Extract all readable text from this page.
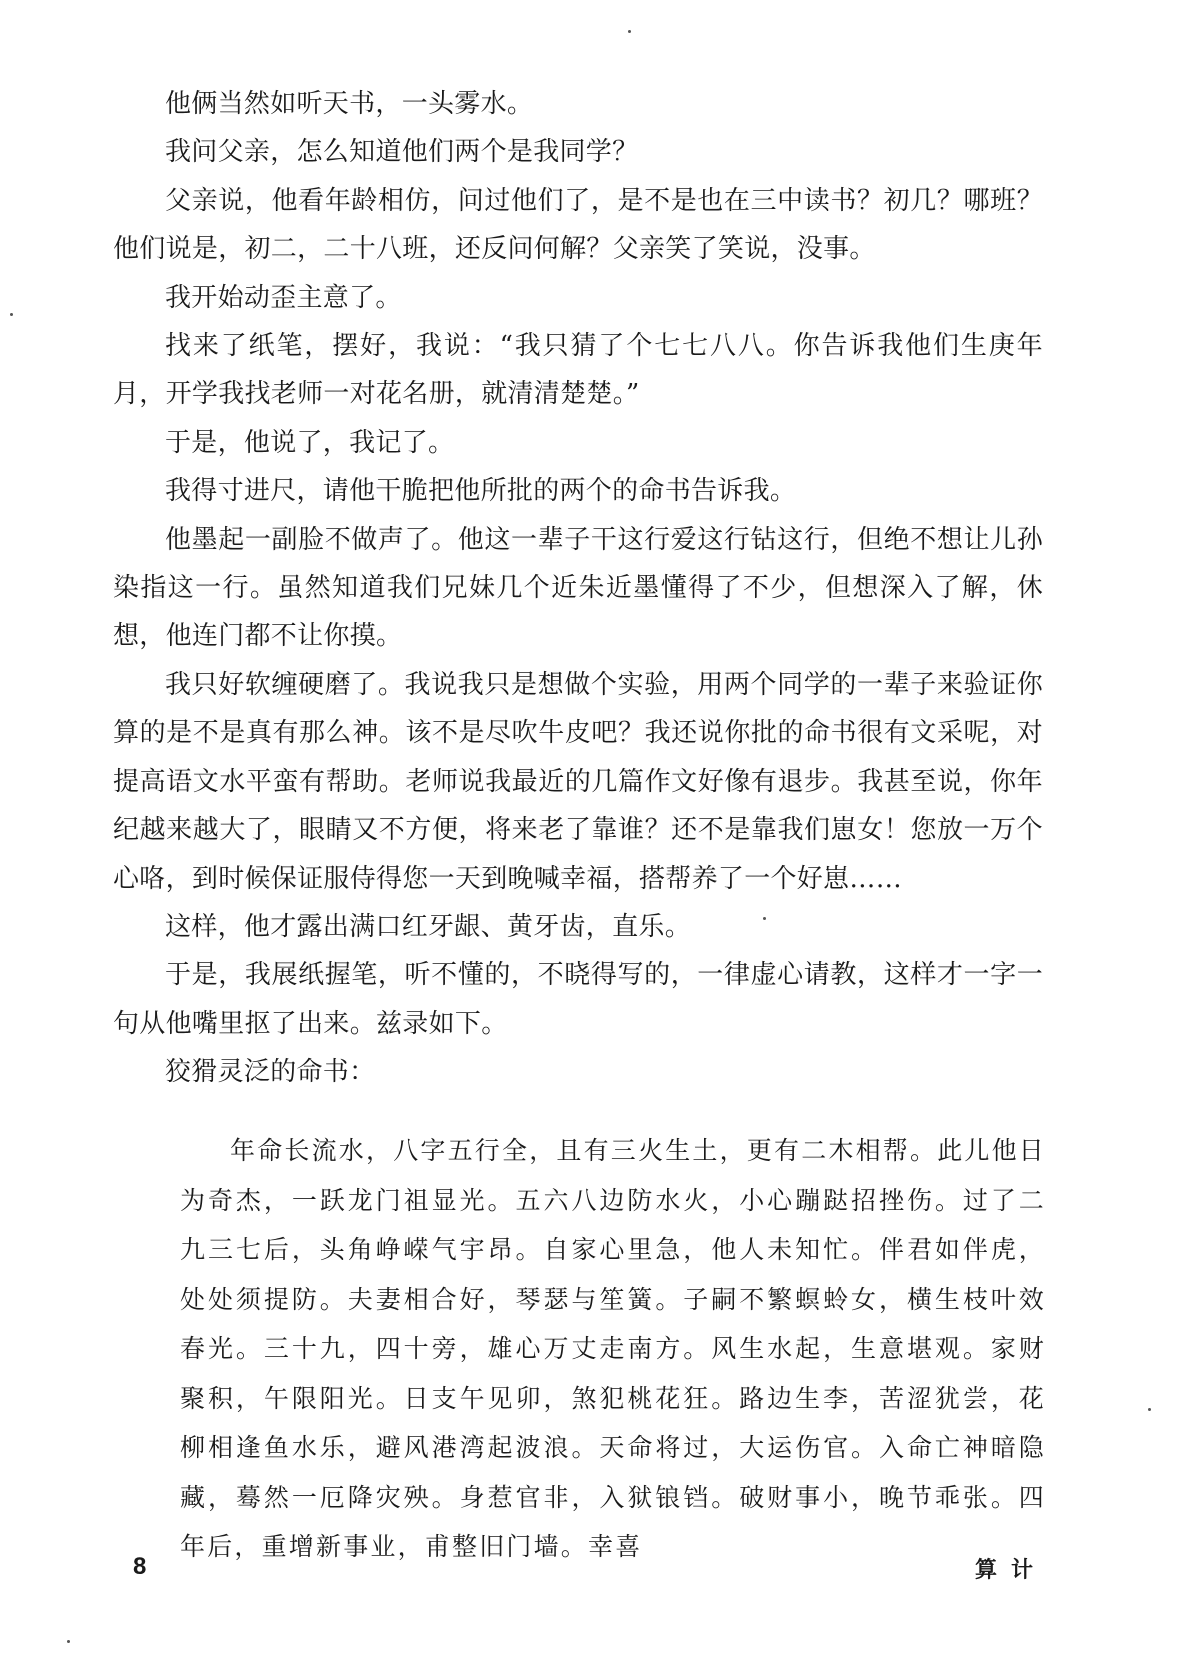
他俩当然如听天书，一头雾水。

我问父亲，怎么知道他们两个是我同学？

父亲说，他看年龄相仿，问过他们了，是不是也在三中读书？初几？哪班？他们说是，初二，二十八班，还反问何解？父亲笑了笑说，没事。

我开始动歪主意了。

找来了纸笔，摆好，我说：“我只猜了个七七八八。你告诉我他们生庚年月，开学我找老师一对花名册，就清清楚楚。”

于是，他说了，我记了。

我得寸进尺，请他干脆把他所批的两个的命书告诉我。

他墨起一副脸不做声了。他这一辈子干这行爱这行钻这行，但绝不想让儿孙染指这一行。虽然知道我们兄妹几个近朱近墨懂得了不少，但想深入了解，休想，他连门都不让你摸。

我只好软缠硬磨了。我说我只是想做个实验，用两个同学的一辈子来验证你算的是不是真有那么神。该不是尽吹牛皮吧？我还说你批的命书很有文采呢，对提高语文水平蛮有帮助。老师说我最近的几篇作文好像有退步。我甚至说，你年纪越来越大了，眼睛又不方便，将来老了靠谁？还不是靠我们崽女！您放一万个心咯，到时候保证服侍得您一天到晚喊幸福，搭帮养了一个好崽……

这样，他才露出满口红牙龈、黄牙齿，直乐。

于是，我展纸握笔，听不懂的，不晓得写的，一律虚心请教，这样才一字一句从他嘴里抠了出来。兹录如下。

狡猾灵泛的命书：

年命长流水，八字五行全，且有三火生土，更有二木相帮。此儿他日为奇杰，一跃龙门祖显光。五六八边防水火，小心蹦跶招挫伤。过了二九三七后，头角峥嵘气宇昂。自家心里急，他人未知忙。伴君如伴虎，处处须提防。夫妻相合好，琴瑟与笙簧。子嗣不繁螟蛉女，横生枝叶效春光。三十九，四十旁，雄心万丈走南方。风生水起，生意堪观。家财聚积，午限阳光。日支午见卯，煞犯桃花狂。路边生李，苦涩犹尝，花柳相逢鱼水乐，避风港湾起波浪。天命将过，大运伤官。入命亡神暗隐藏，蓦然一厄降灾殃。身惹官非，入狱锒铛。破财事小，晚节乖张。四年后，重增新事业，甫整旧门墙。幸喜

8	算计
